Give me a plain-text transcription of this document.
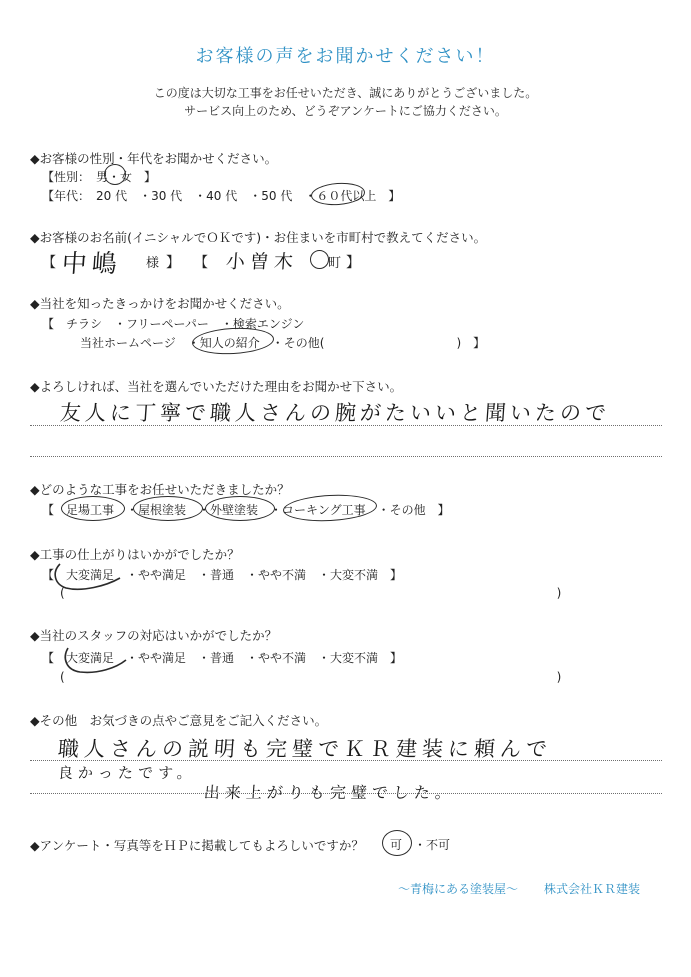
お客様の声をお聞かせください！
この度は大切な工事をお任せいただき、誠にありがとうございました。
サービス向上のため、どうぞアンケートにご協力ください。
◆お客様の性別・年代をお聞かせください。
【性別：　男・女　】
【年代：　20 代　・30 代　・40 代　・50 代　・６０代以上　】
◆お客様のお名前(イニシャルでＯＫです)・お住まいを市町村で教えてください。
【 中嶋 様 】　　【 小曽木 町 】
◆当社を知ったきっかけをお聞かせください。
【　チラシ　・フリーペーパー　・検索エンジン
当社ホームページ　・知人の紹介　・その他(　　　　　　　　　　　)　】
◆よろしければ、当社を選んでいただけた理由をお聞かせ下さい。
友人に丁寧で職人さんの腕がたいいと聞いたので
◆どのような工事をお任せいただきましたか？
【　足場工事　・屋根塗装　・外壁塗装　・コーキング工事　・その他　】
◆工事の仕上がりはいかがでしたか？
【　大変満足　・やや満足　・普通　・やや不満　・大変不満　】
(　　　　　　　　　　　　　　　　　　　　　　　　　　　　　　　　　　　　　　　　　)
◆当社のスタッフの対応はいかがでしたか？
【　大変満足　・やや満足　・普通　・やや不満　・大変不満　】
(　　　　　　　　　　　　　　　　　　　　　　　　　　　　　　　　　　　　　　　　　)
◆その他　お気づきの点やご意見をご記入ください。
職人さんの説明も完璧でＫＲ建装に頼んで
良かったです。
出来上がりも完璧でした。
◆アンケート・写真等をＨＰに掲載してもよろしいですか？ 可　・不可
～青梅にある塗装屋～ 株式会社ＫＲ建装
